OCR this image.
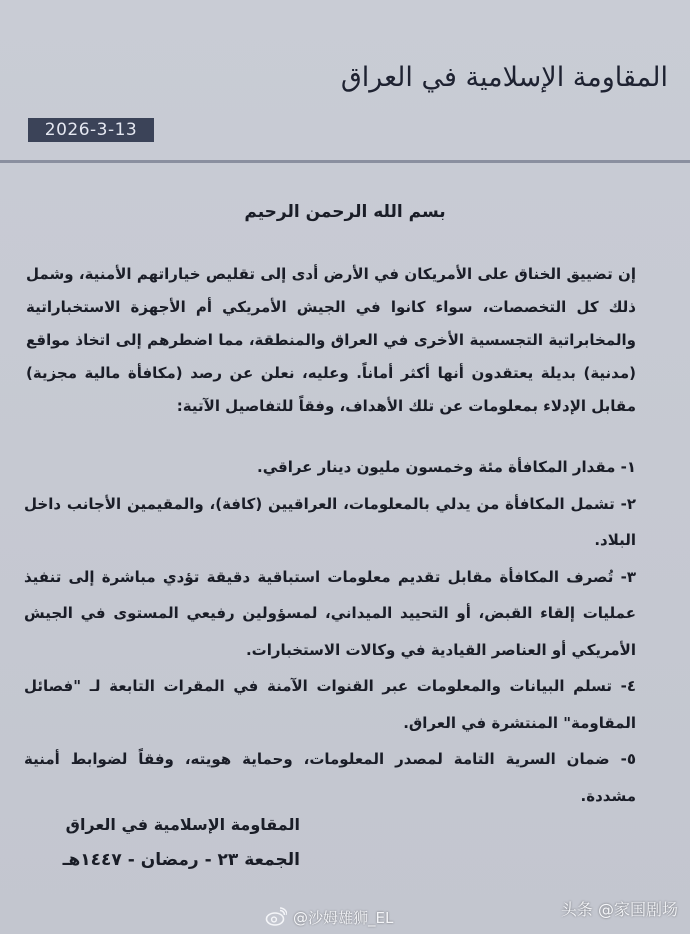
المقاومة الإسلامية في العراق
2026-3-13
بسم الله الرحمن الرحيم

إن تضييق الخناق على الأمريكان في الأرض أدى إلى تقليص خياراتهم الأمنية، وشمل ذلك كل التخصصات، سواء كانوا في الجيش الأمريكي أم الأجهزة الاستخباراتية والمخابراتية التجسسية الأخرى في العراق والمنطقة، مما اضطرهم إلى اتخاذ مواقع (مدنية) بديلة يعتقدون أنها أكثر أماناً. وعليه، نعلن عن رصد (مكافأة مالية مجزية) مقابل الإدلاء بمعلومات عن تلك الأهداف، وفقاً للتفاصيل الآتية:

١- مقدار المكافأة مئة وخمسون مليون دينار عراقي.
٢- تشمل المكافأة من يدلي بالمعلومات، العراقيين (كافة)، والمقيمين الأجانب داخل البلاد.
٣- تُصرف المكافأة مقابل تقديم معلومات استباقية دقيقة تؤدي مباشرة إلى تنفيذ عمليات إلقاء القبض، أو التحييد الميداني، لمسؤولين رفيعي المستوى في الجيش الأمريكي أو العناصر القيادية في وكالات الاستخبارات.
٤- تسلم البيانات والمعلومات عبر القنوات الآمنة في المقرات التابعة لـ "فصائل المقاومة" المنتشرة في العراق.
٥- ضمان السرية التامة لمصدر المعلومات، وحماية هويته، وفقاً لضوابط أمنية مشددة.
المقاومة الإسلامية في العراق
الجمعة ٢٣ - رمضان - ١٤٤٧هـ
@沙姆雄狮_EL	头条 @家国剧场
